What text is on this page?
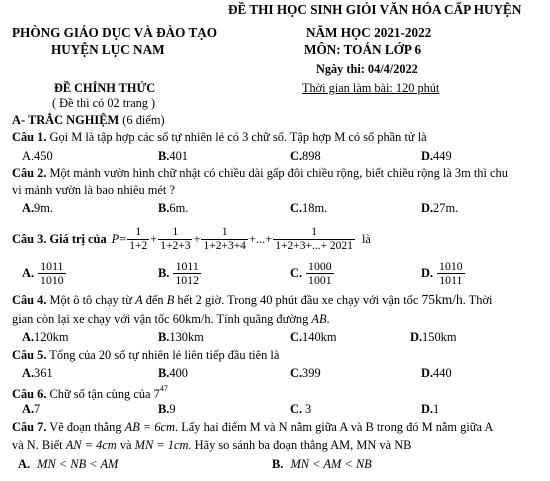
ĐỀ THI HỌC SINH GIỎI VĂN HÓA CẤP HUYỆN
PHÒNG GIÁO DỤC VÀ ĐÀO TẠO	NĂM HỌC 2021-2022
HUYỆN LỤC NAM	MÔN: TOÁN LỚP 6
Ngày thi: 04/4/2022
ĐỀ CHÍNH THỨC	Thời gian làm bài: 120 phút
( Đề thi có 02 trang )
A- TRẮC NGHIỆM (6 điểm)
Câu 1. Gọi M là tập hợp các số tự nhiên lẻ có 3 chữ số. Tập hợp M có số phần tử là
A.450	B.401	C.898	D.449
Câu 2. Một mảnh vườn hình chữ nhật có chiều dài gấp đôi chiều rộng, biết chiều rộng là 3m thì chu
vi mảnh vườn là bao nhiêu mét ?
A.9m.	B.6m.	C.18m.	D.27m.
Câu 3. Giá trị của $P = \frac{1}{1+2} + \frac{1}{1+2+3} + \frac{1}{1+2+3+4}$ + ... + $\frac{1}{1+2+3+...+ 2021}$ là
A. $\frac{1011}{1010}$	B. $\frac{1011}{1012}$	C. $\frac{1000}{1001}$	D. $\frac{1010}{1011}$
Câu 4. Một ô tô chạy từ A đến B hết 2 giờ. Trong 40 phút đầu xe chạy với vận tốc 75km/h. Thời
gian còn lại xe chạy với vận tốc 60km/h. Tính quãng đường AB.
A.120km	B.130km	C.140km	D.150km
Câu 5. Tổng của 20 số tự nhiên lẻ liên tiếp đầu tiên là
A.361	B.400	C.399	D.440
Câu 6. Chữ số tận cùng của $7^{47}$
A.7	B.9	C. 3	D.1
Câu 7. Vẽ đoạn thẳng AB = 6cm. Lấy hai điểm M và N nằm giữa A và B trong đó M nằm giữa A
và N. Biết AN = 4cm và MN = 1cm. Hãy so sánh ba đoạn thẳng AM, MN và NB
A. MN < NB < AM	B. MN < AM < NB
